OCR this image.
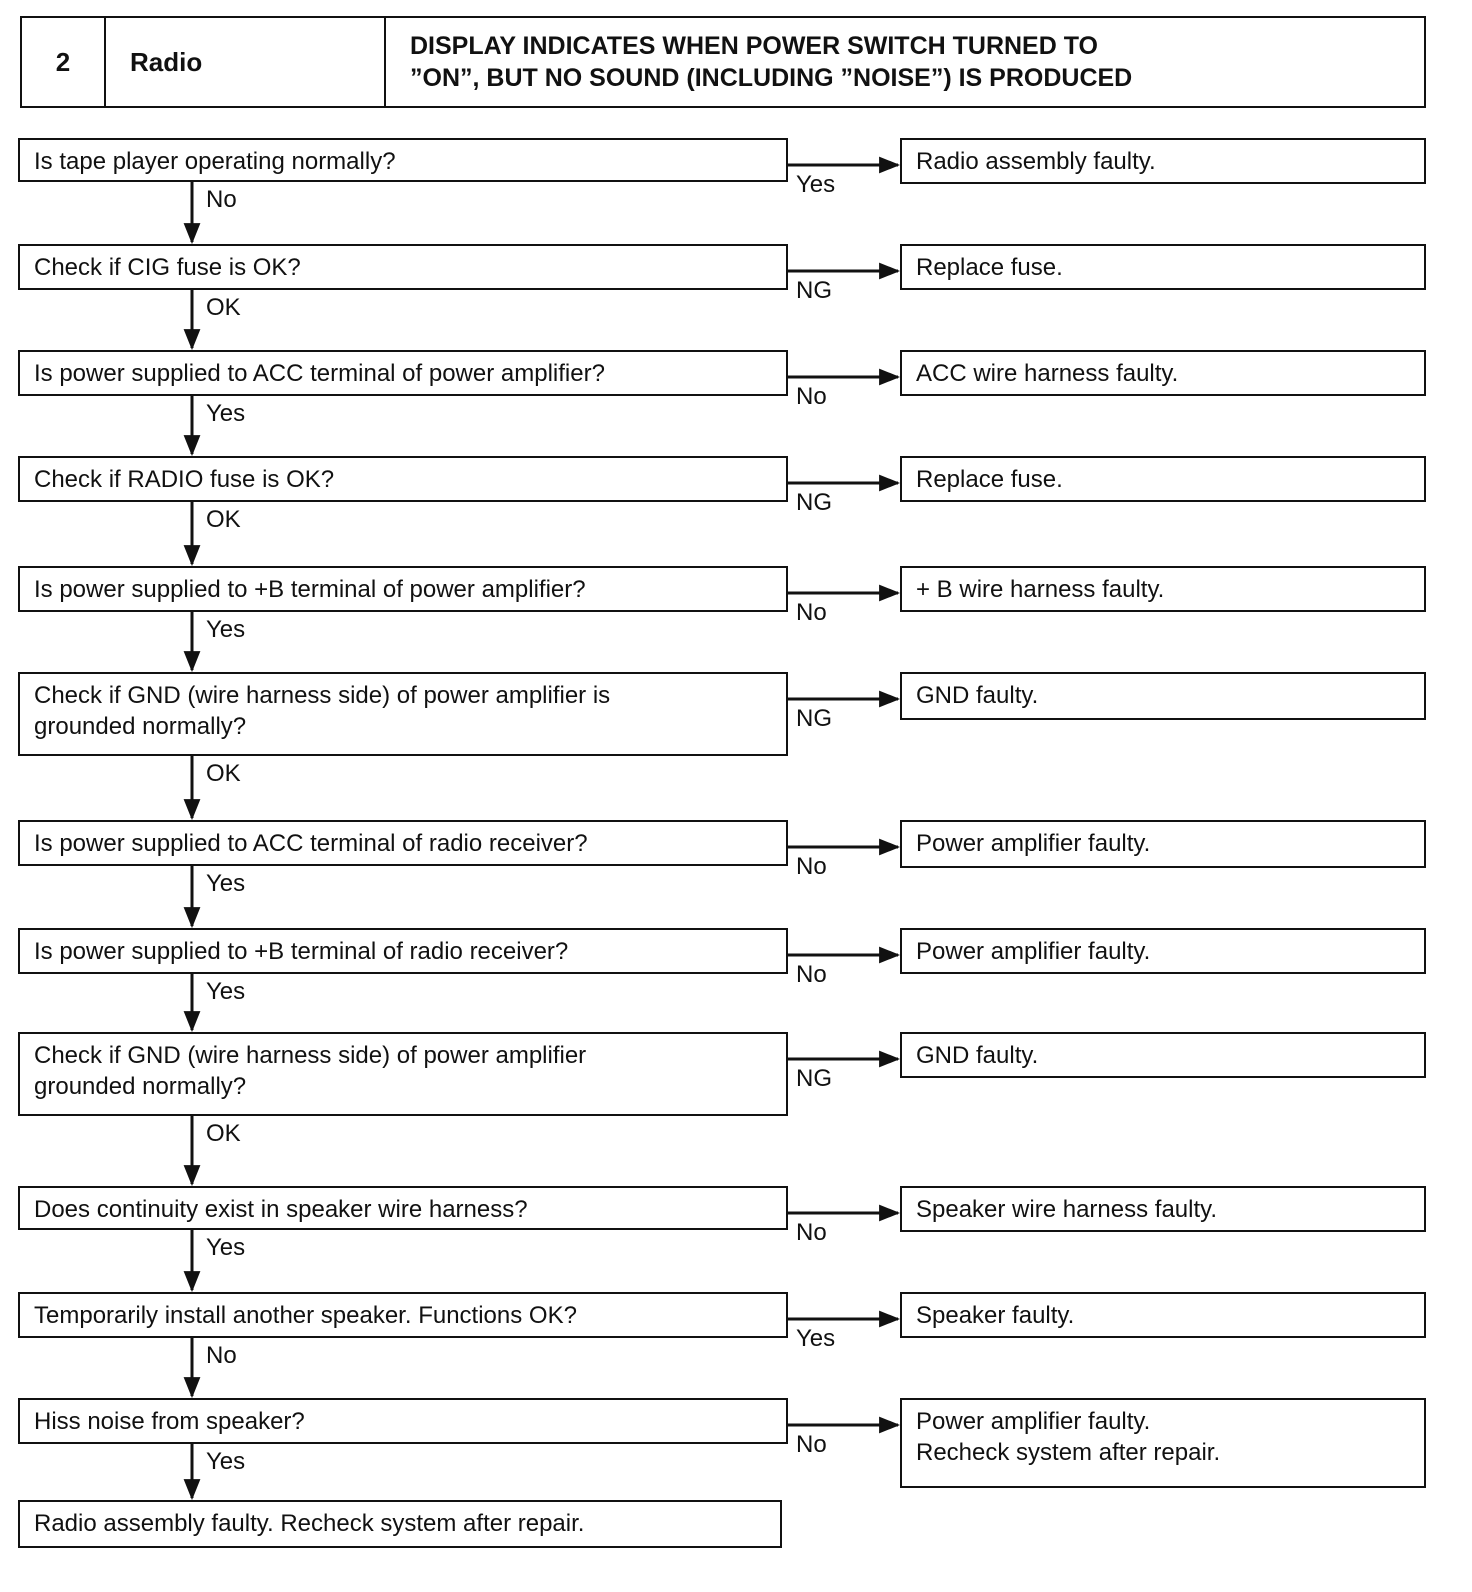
2	Radio
DISPLAY INDICATES WHEN POWER SWITCH TURNED TO
”ON”, BUT NO SOUND (INCLUDING ”NOISE”) IS PRODUCED
Is tape player operating normally?	Radio assembly faulty.
Yes
No
Check if CIG fuse is OK?	Replace fuse.
NG
OK
Is power supplied to ACC terminal of power amplifier?	ACC wire harness faulty.
No
Yes
Check if RADIO fuse is OK?	Replace fuse.
NG
OK
Is power supplied to +B terminal of power amplifier?	+ B wire harness faulty.
No
Yes
Check if GND (wire harness side) of power amplifier is
grounded normally?
GND faulty.
NG
OK
Is power supplied to ACC terminal of radio receiver?	Power amplifier faulty.
No
Yes
Is power supplied to +B terminal of radio receiver?	Power amplifier faulty.
No
Yes
Check if GND (wire harness side) of power amplifier
grounded normally?
GND faulty.
NG
OK
Does continuity exist in speaker wire harness?	Speaker wire harness faulty.
No
Yes
Temporarily install another speaker. Functions OK?	Speaker faulty.
Yes
No
Hiss noise from speaker?	Power amplifier faulty.
Recheck system after repair.
No
Yes
Radio assembly faulty. Recheck system after repair.
